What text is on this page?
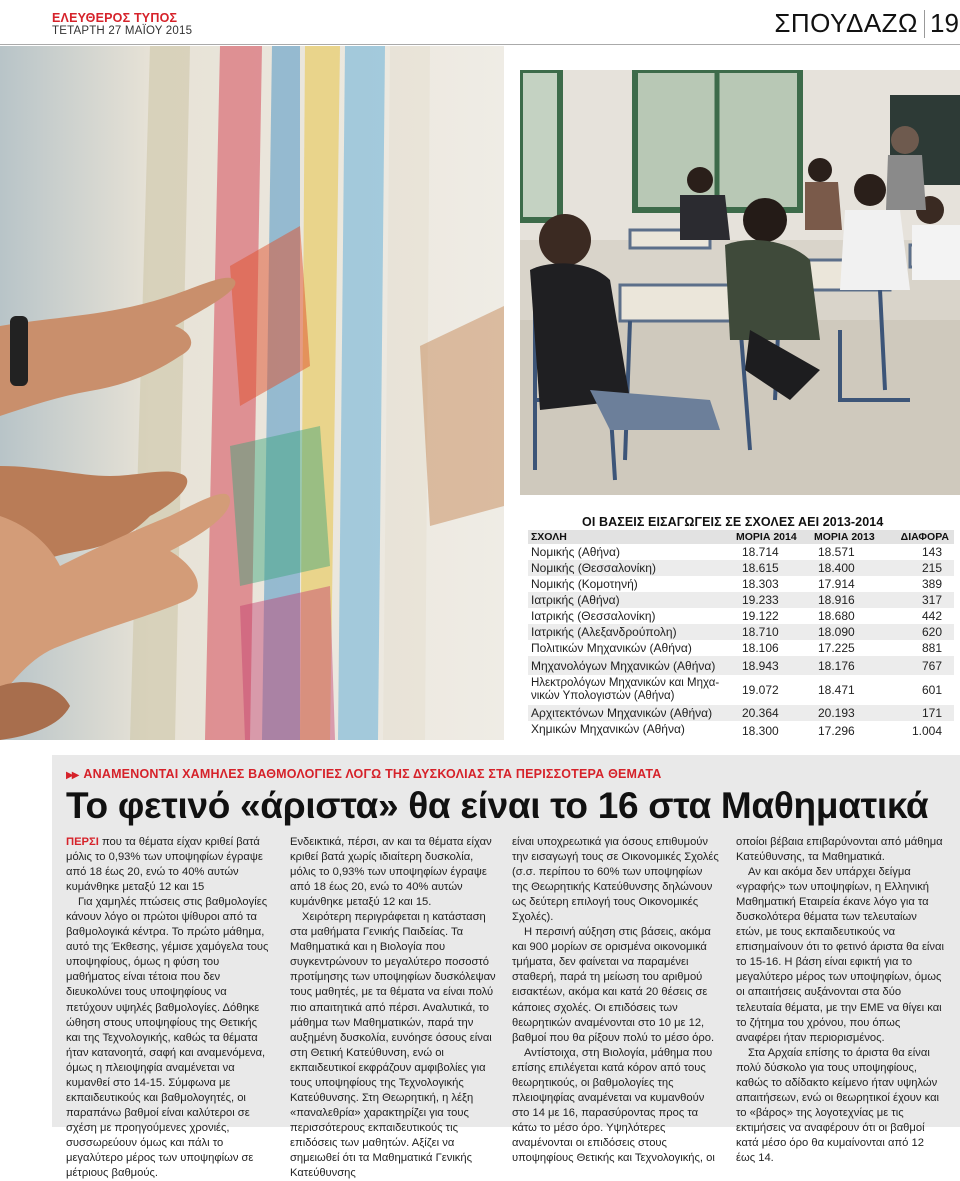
ΕΛΕΥΘΕΡΟΣ ΤΥΠΟΣ
ΤΕΤΑΡΤΗ 27 ΜΑΪΟΥ 2015	ΣΠΟΥΔΑΖΩ 19
ΟΙ ΒΑΣΕΙΣ ΕΙΣΑΓΩΓΕΙΣ ΣΕ ΣΧΟΛΕΣ ΑΕΙ 2013-2014
ΣΧΟΛΗ	ΜΟΡΙΑ 2014 ΜΟΡΙΑ 2013 ΔΙΑΦΟΡΑ
Νομικής (Αθήνα)	18.714	18.571	143
Νομικής (Θεσσαλονίκη)	18.615	18.400	215
Νομικής (Κομοτηνή)	18.303	17.914	389
Ιατρικής (Αθήνα)	19.233	18.916	317
Ιατρικής (Θεσσαλονίκη)	19.122	18.680	442
Ιατρικής (Αλεξανδρούπολη)	18.710	18.090	620
Πολιτικών Μηχανικών (Αθήνα)	18.106	17.225	881
Μηχανολόγων Μηχανικών (Αθήνα) 18.943	18.176	767
Ηλεκτρολόγων Μηχανικών και Μηχα-
νικών Υπολογιστών (Αθήνα)	19.072	18.471	601
Αρχιτεκτόνων Μηχανικών (Αθήνα) 20.364	20.193	171
Χημικών Μηχανικών (Αθήνα)	18.300	17.296	1.004
▶▶ ΑΝΑΜΕΝΟΝΤΑΙ ΧΑΜΗΛΕΣ ΒΑΘΜΟΛΟΓΙΕΣ ΛΟΓΩ ΤΗΣ ΔΥΣΚΟΛΙΑΣ ΣΤΑ ΠΕΡΙΣΣΟΤΕΡΑ ΘΕΜΑΤΑ
Το φετινό «άριστα» θα είναι το 16 στα Μαθηματικά

ΠΕΡΣΙ που τα θέματα είχαν κριθεί βατά μόλις το 0,93% των υποψηφίων έγραψε από 18 έως 20, ενώ το 40% αυτών κυμάνθηκε μεταξύ 12 και 15

Για χαμηλές πτώσεις στις βαθμολογίες κάνουν λόγο οι πρώτοι ψίθυροι από τα βαθμολογικά κέντρα. Το πρώτο μάθημα, αυτό της Έκθεσης, γέμισε χαμόγελα τους υποψηφίους, όμως η φύση του μαθήματος είναι τέτοια που δεν διευκολύνει τους υποψηφίους να πετύχουν υψηλές βαθμολογίες. Δόθηκε ώθηση στους υποψηφίους της Θετικής και της Τεχνολογικής, καθώς τα θέματα ήταν κατανοητά, σαφή και αναμενόμενα, όμως η πλειοψηφία αναμένεται να κυμανθεί στο 14-15. Σύμφωνα με εκπαιδευτικούς και βαθμολογητές, οι παραπάνω βαθμοί είναι καλύτεροι σε σχέση με προηγούμενες χρονιές, συσσωρεύουν όμως και πάλι το μεγαλύτερο μέρος των υποψηφίων σε μέτριους βαθμούς.

Ενδεικτικά, πέρσι, αν και τα θέματα είχαν κριθεί βατά χωρίς ιδιαίτερη δυσκολία, μόλις το 0,93% των υποψηφίων έγραψε από 18 έως 20, ενώ το 40% αυτών κυμάνθηκε μεταξύ 12 και 15.

Χειρότερη περιγράφεται η κατάσταση στα μαθήματα Γενικής Παιδείας. Τα Μαθηματικά και η Βιολογία που συγκεντρώνουν το μεγαλύτερο ποσοστό προτίμησης των υποψηφίων δυσκόλεψαν τους μαθητές, με τα θέματα να είναι πολύ πιο απαιτητικά από πέρσι. Αναλυτικά, το μάθημα των Μαθηματικών, παρά την αυξημένη δυσκολία, ευνόησε όσους είναι στη Θετική Κατεύθυνση, ενώ οι εκπαιδευτικοί εκφράζουν αμφιβολίες για τους υποψηφίους της Τεχνολογικής Κατεύθυνσης. Στη Θεωρητική, η λέξη «παναλεθρία» χαρακτηρίζει για τους περισσότερους εκπαιδευτικούς τις επιδόσεις των μαθητών. Αξίζει να σημειωθεί ότι τα Μαθηματικά Γενικής Κατεύθυνσης

είναι υποχρεωτικά για όσους επιθυμούν την εισαγωγή τους σε Οικονομικές Σχολές (σ.σ. περίπου το 60% των υποψηφίων της Θεωρητικής Κατεύθυνσης δηλώνουν ως δεύτερη επιλογή τους Οικονομικές Σχολές).

Η περσινή αύξηση στις βάσεις, ακόμα και 900 μορίων σε ορισμένα οικονομικά τμήματα, δεν φαίνεται να παραμένει σταθερή, παρά τη μείωση του αριθμού εισακτέων, ακόμα και κατά 20 θέσεις σε κάποιες σχολές. Οι επιδόσεις των θεωρητικών αναμένονται στο 10 με 12, βαθμοί που θα ρίξουν πολύ το μέσο όρο.

Αντίστοιχα, στη Βιολογία, μάθημα που επίσης επιλέγεται κατά κόρον από τους θεωρητικούς, οι βαθμολογίες της πλειοψηφίας αναμένεται να κυμανθούν στο 14 με 16, παρασύροντας προς τα κάτω το μέσο όρο. Υψηλότερες αναμένονται οι επιδόσεις στους υποψηφίους Θετικής και Τεχνολογικής, οι

οποίοι βέβαια επιβαρύνονται από μάθημα Κατεύθυνσης, τα Μαθηματικά.

Αν και ακόμα δεν υπάρχει δείγμα «γραφής» των υποψηφίων, η Ελληνική Μαθηματική Εταιρεία έκανε λόγο για τα δυσκολότερα θέματα των τελευταίων ετών, με τους εκπαιδευτικούς να επισημαίνουν ότι το φετινό άριστα θα είναι το 15-16. Η βάση είναι εφικτή για το μεγαλύτερο μέρος των υποψηφίων, όμως οι απαιτήσεις αυξάνονται στα δύο τελευταία θέματα, με την ΕΜΕ να θίγει και το ζήτημα του χρόνου, που όπως αναφέρει ήταν περιορισμένος.

Στα Αρχαία επίσης το άριστα θα είναι πολύ δύσκολο για τους υποψηφίους, καθώς το αδίδακτο κείμενο ήταν υψηλών απαιτήσεων, ενώ οι θεωρητικοί έχουν και το «βάρος» της λογοτεχνίας με τις εκτιμήσεις να αναφέρουν ότι οι βαθμοί κατά μέσο όρο θα κυμαίνονται από 12 έως 14.
